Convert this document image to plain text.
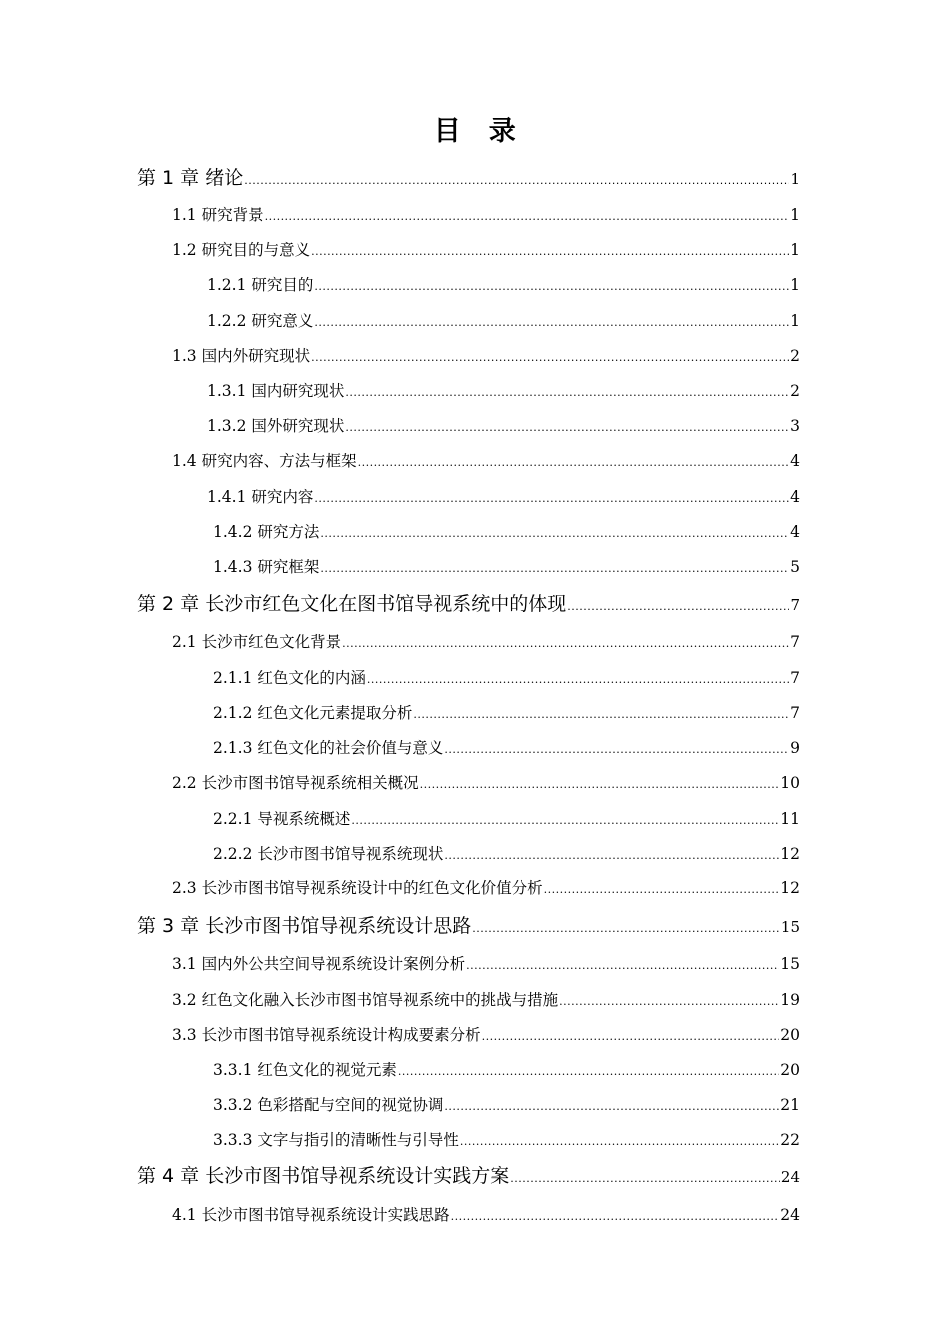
目　录
第 1 章 绪论 .....	1
1.1 研究背景 .....	1
1.2 研究目的与意义 .....	1
1.2.1 研究目的 .....	1
1.2.2 研究意义 .....	1
1.3 国内外研究现状 .....	2
1.3.1 国内研究现状 .....	2
1.3.2 国外研究现状 .....	3
1.4 研究内容、方法与框架 .....	4
1.4.1 研究内容 .....	4
1.4.2 研究方法 .....	4
1.4.3 研究框架 .....	5
第 2 章 长沙市红色文化在图书馆导视系统中的体现 .....	7
2.1 长沙市红色文化背景 .....	7
2.1.1 红色文化的内涵 .....	7
2.1.2 红色文化元素提取分析 .....	7
2.1.3 红色文化的社会价值与意义 .....	9
2.2 长沙市图书馆导视系统相关概况 .....	10
2.2.1 导视系统概述 .....	11
2.2.2 长沙市图书馆导视系统现状 .....	12
2.3 长沙市图书馆导视系统设计中的红色文化价值分析 .....	12
第 3 章 长沙市图书馆导视系统设计思路 .....	15
3.1 国内外公共空间导视系统设计案例分析 .....	15
3.2 红色文化融入长沙市图书馆导视系统中的挑战与措施 .....	19
3.3 长沙市图书馆导视系统设计构成要素分析 .....	20
3.3.1 红色文化的视觉元素 .....	20
3.3.2 色彩搭配与空间的视觉协调 .....	21
3.3.3 文字与指引的清晰性与引导性 .....	22
第 4 章 长沙市图书馆导视系统设计实践方案 .....	24
4.1 长沙市图书馆导视系统设计实践思路 .....	24
